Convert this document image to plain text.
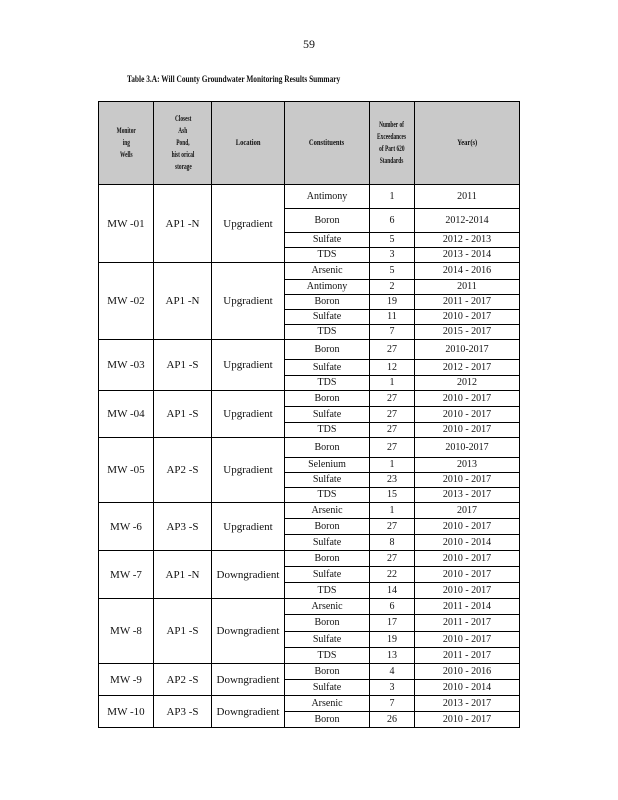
59
Table 3.A: Will County Groundwater Monitoring Results Summary
Monitor
ing
Wells	Closest
Ash
Pond,
hist orical
storage	Location	Constituents	Number of
Exceedances
of Part 620
Standards	Year(s)
MW -01	AP1 -N	Upgradient	Antimony	1	2011
			Boron	6	2012-2014
			Sulfate	5	2012 - 2013
			TDS	3	2013 - 2014
MW -02	AP1 -N	Upgradient	Arsenic	5	2014 - 2016
			Antimony	2	2011
			Boron	19	2011 - 2017
			Sulfate	11	2010 - 2017
			TDS	7	2015 - 2017
MW -03	AP1 -S	Upgradient	Boron	27	2010-2017
			Sulfate	12	2012 - 2017
			TDS	1	2012
MW -04	AP1 -S	Upgradient	Boron	27	2010 - 2017
			Sulfate	27	2010 - 2017
			TDS	27	2010 - 2017
MW -05	AP2 -S	Upgradient	Boron	27	2010-2017
			Selenium	1	2013
			Sulfate	23	2010 - 2017
			TDS	15	2013 - 2017
MW -6	AP3 -S	Upgradient	Arsenic	1	2017
			Boron	27	2010 - 2017
			Sulfate	8	2010 - 2014
MW -7	AP1 -N	Downgradient	Boron	27	2010 - 2017
			Sulfate	22	2010 - 2017
			TDS	14	2010 - 2017
MW -8	AP1 -S	Downgradient	Arsenic	6	2011 - 2014
			Boron	17	2011 - 2017
			Sulfate	19	2010 - 2017
			TDS	13	2011 - 2017
MW -9	AP2 -S	Downgradient	Boron	4	2010 - 2016
			Sulfate	3	2010 - 2014
MW -10	AP3 -S	Downgradient	Arsenic	7	2013 - 2017
			Boron	26	2010 - 2017
